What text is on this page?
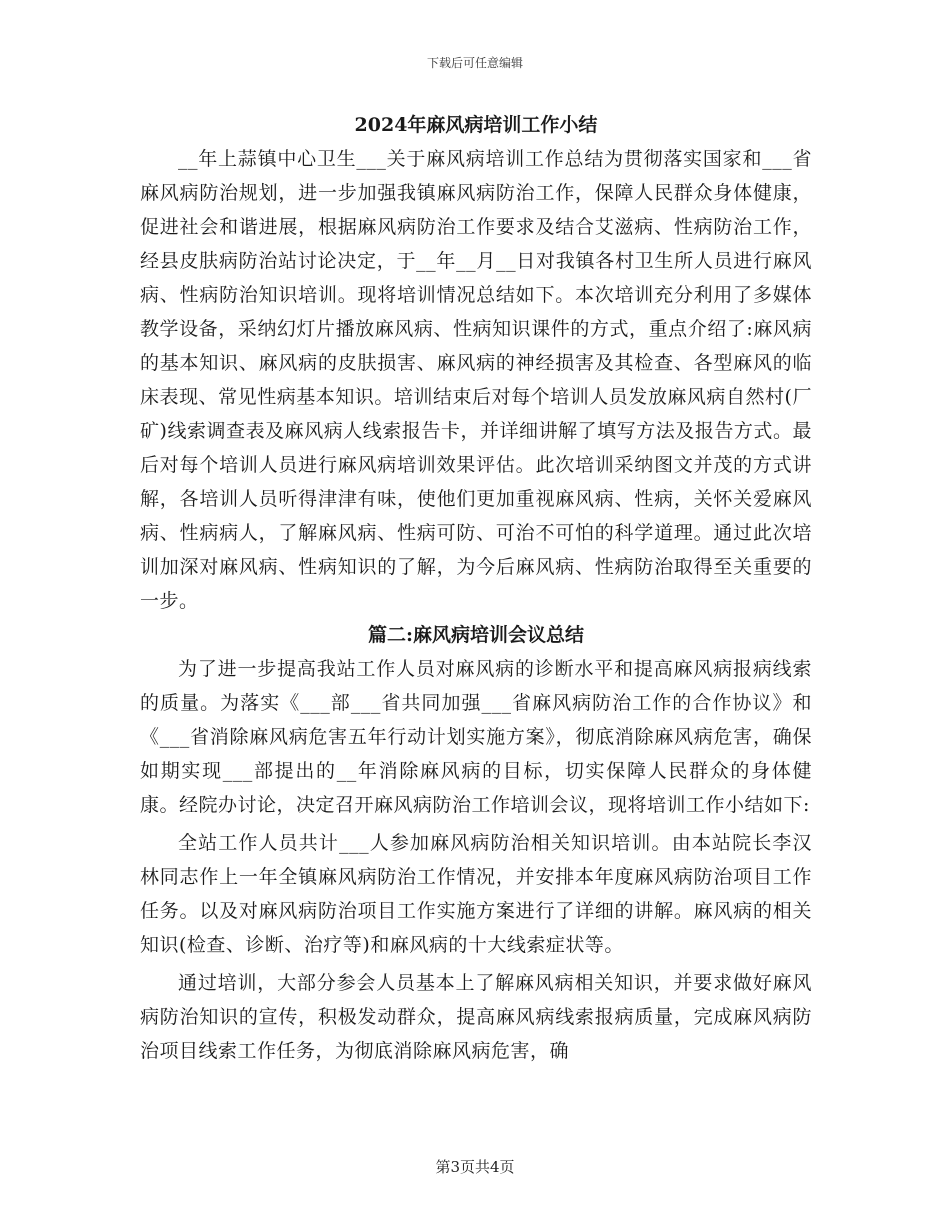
下载后可任意编辑
2024年麻风病培训工作小结

__年上蒜镇中心卫生___关于麻风病培训工作总结为贯彻落实国家和___省麻风病防治规划，进一步加强我镇麻风病防治工作，保障人民群众身体健康，促进社会和谐进展，根据麻风病防治工作要求及结合艾滋病、性病防治工作，经县皮肤病防治站讨论决定，于__年__月__日对我镇各村卫生所人员进行麻风病、性病防治知识培训。现将培训情况总结如下。本次培训充分利用了多媒体教学设备，采纳幻灯片播放麻风病、性病知识课件的方式，重点介绍了:麻风病的基本知识、麻风病的皮肤损害、麻风病的神经损害及其检查、各型麻风的临床表现、常见性病基本知识。培训结束后对每个培训人员发放麻风病自然村(厂矿)线索调查表及麻风病人线索报告卡，并详细讲解了填写方法及报告方式。最后对每个培训人员进行麻风病培训效果评估。此次培训采纳图文并茂的方式讲解，各培训人员听得津津有味，使他们更加重视麻风病、性病，关怀关爱麻风病、性病病人，了解麻风病、性病可防、可治不可怕的科学道理。通过此次培训加深对麻风病、性病知识的了解，为今后麻风病、性病防治取得至关重要的一步。

篇二:麻风病培训会议总结

为了进一步提高我站工作人员对麻风病的诊断水平和提高麻风病报病线索的质量。为落实《___部___省共同加强___省麻风病防治工作的合作协议》和《___省消除麻风病危害五年行动计划实施方案》，彻底消除麻风病危害，确保如期实现___部提出的__年消除麻风病的目标，切实保障人民群众的身体健康。经院办讨论，决定召开麻风病防治工作培训会议，现将培训工作小结如下:

全站工作人员共计___人参加麻风病防治相关知识培训。由本站院长李汉林同志作上一年全镇麻风病防治工作情况，并安排本年度麻风病防治项目工作任务。以及对麻风病防治项目工作实施方案进行了详细的讲解。麻风病的相关知识(检查、诊断、治疗等)和麻风病的十大线索症状等。

通过培训，大部分参会人员基本上了解麻风病相关知识，并要求做好麻风病防治知识的宣传，积极发动群众，提高麻风病线索报病质量，完成麻风病防治项目线索工作任务，为彻底消除麻风病危害，确

第3页共4页
